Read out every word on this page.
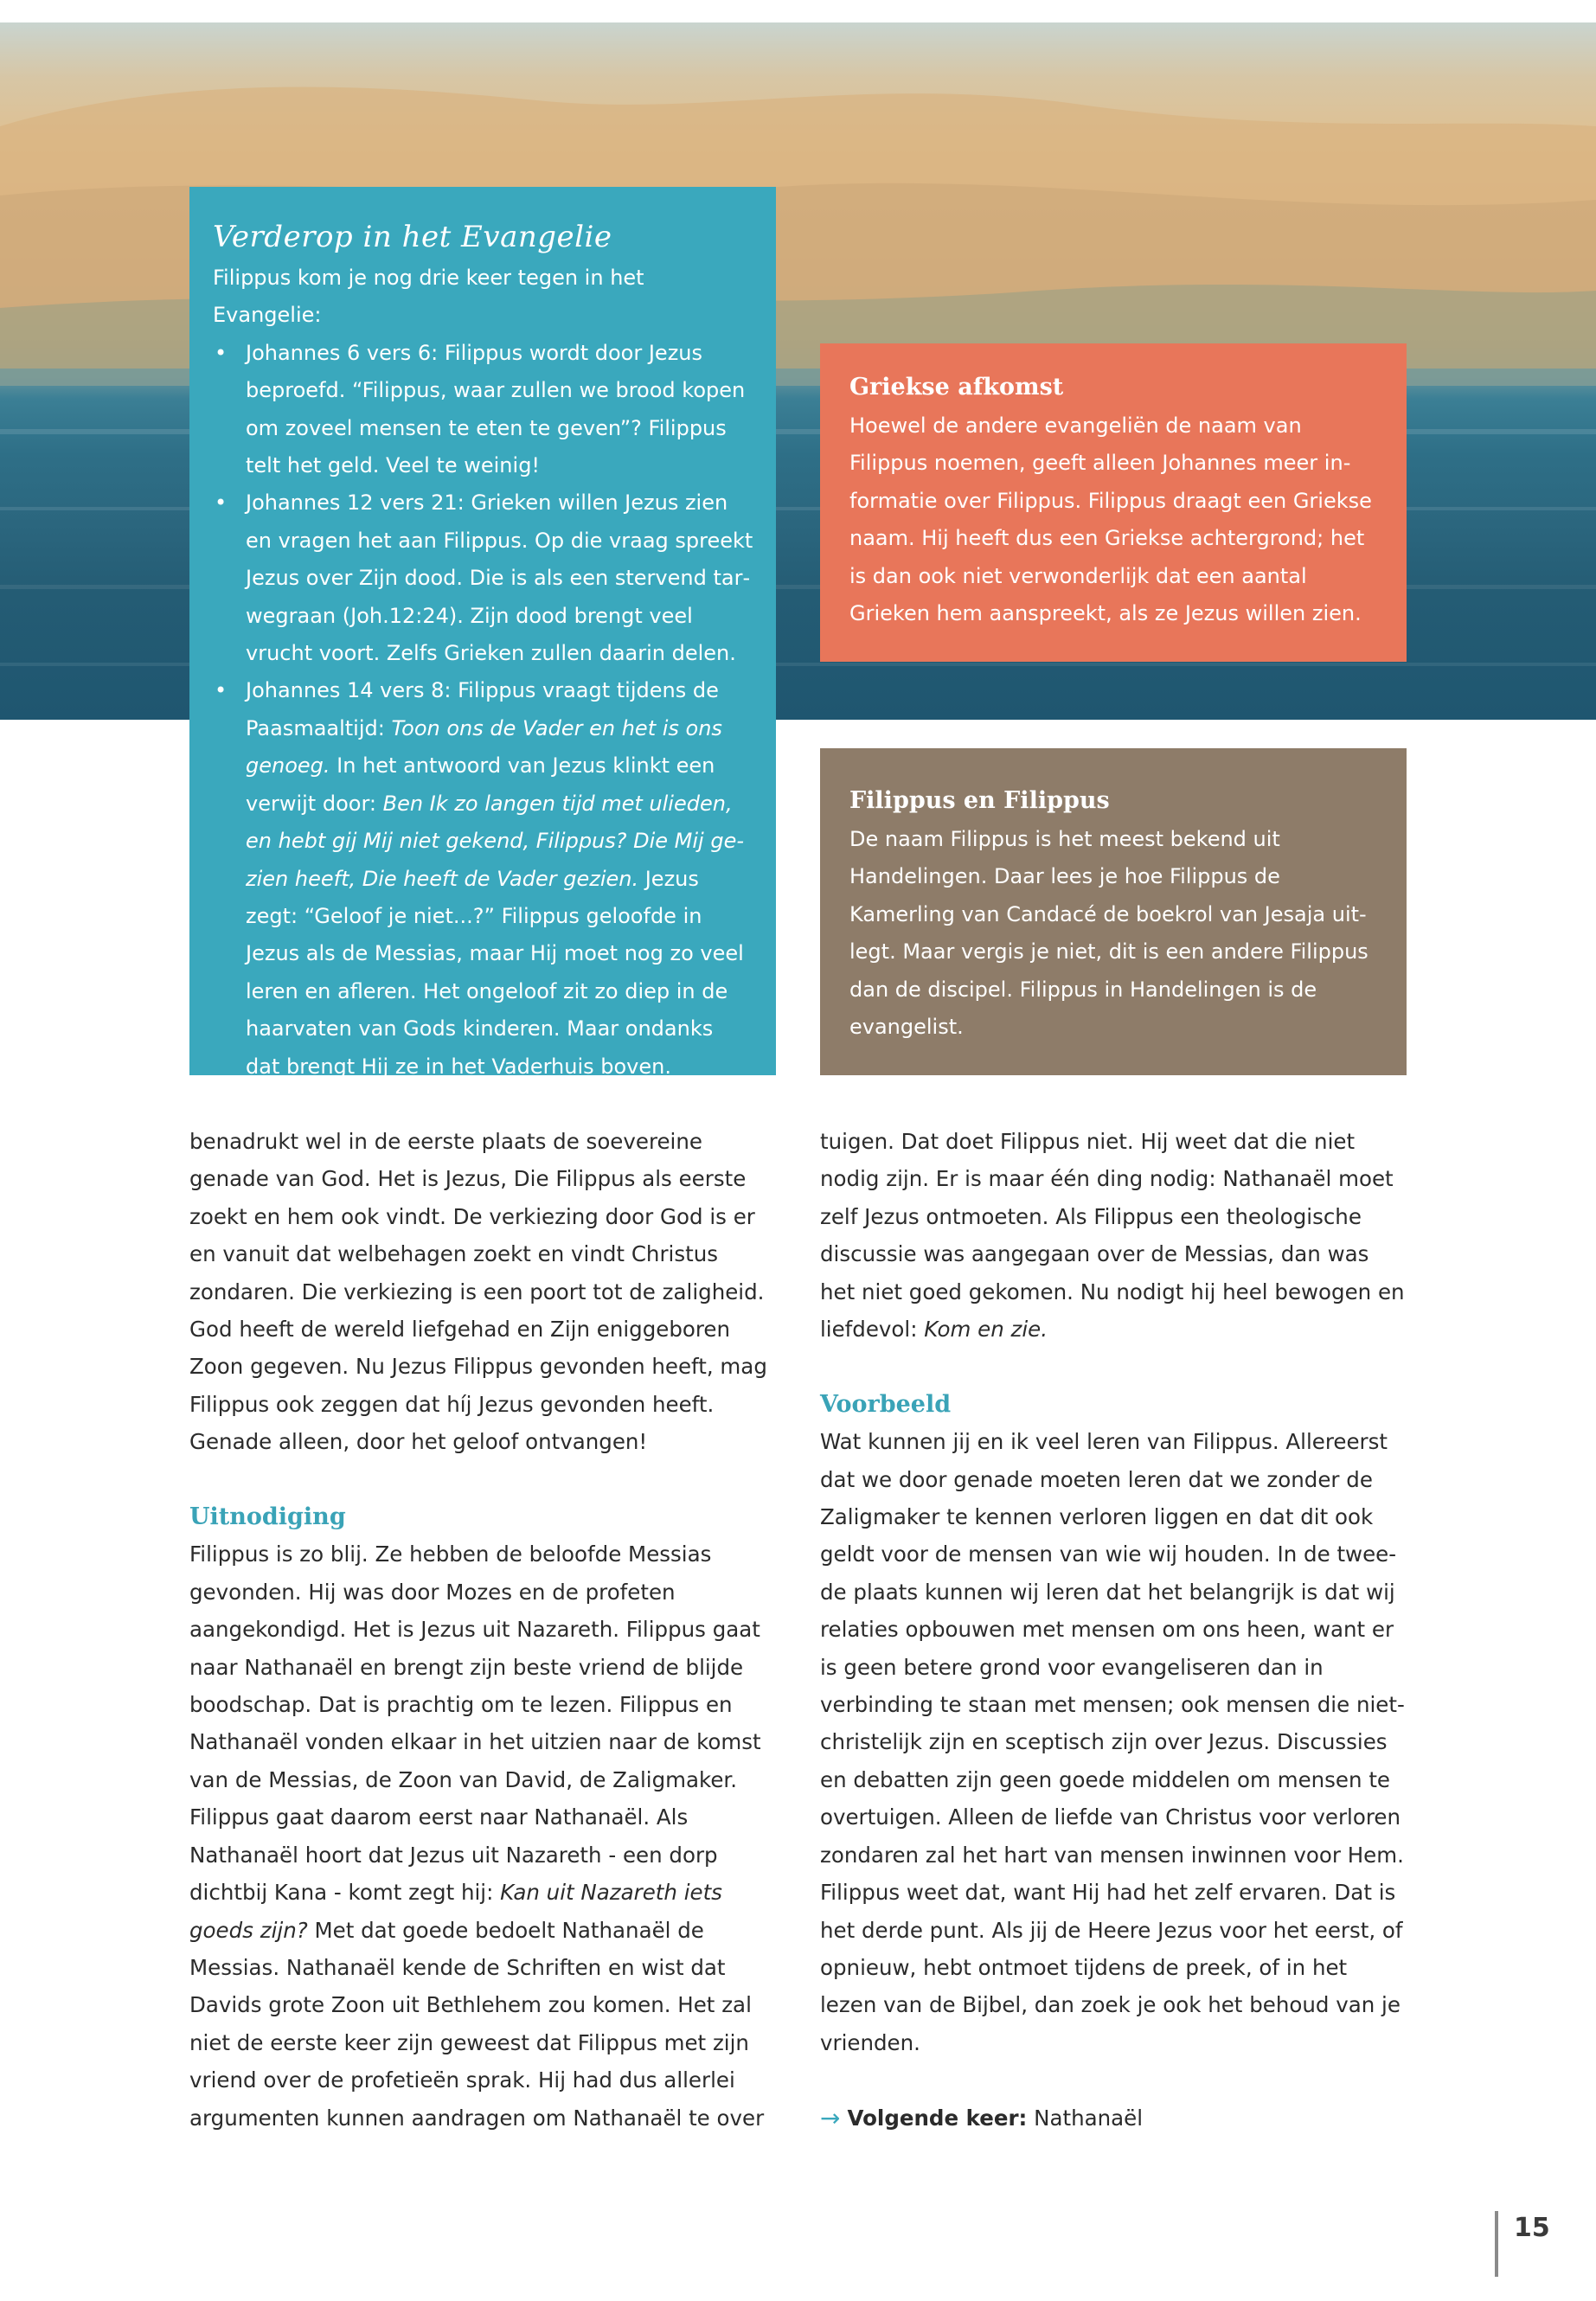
Verderop in het Evangelie

Filippus kom je nog drie keer tegen in het Evangelie:

• Johannes 6 vers 6: Filippus wordt door Jezus beproefd. “Filippus, waar zullen we brood kopen om zoveel mensen te eten te geven”? Filippus telt het geld. Veel te weinig!
• Johannes 12 vers 21: Grieken willen Jezus zien en vragen het aan Filippus. Op die vraag spreekt Jezus over Zijn dood. Die is als een stervend tarwegraan (Joh.12:24). Zijn dood brengt veel vrucht voort. Zelfs Grieken zullen daarin delen.
• Johannes 14 vers 8: Filippus vraagt tijdens de Paasmaaltijd: Toon ons de Vader en het is ons genoeg. In het antwoord van Jezus klinkt een verwijt door: Ben Ik zo langen tijd met ulieden, en hebt gij Mij niet gekend, Filippus? Die Mij gezien heeft, Die heeft de Vader gezien. Jezus zegt: “Geloof je niet...?” Filippus geloofde in Jezus als de Messias, maar Hij moet nog zo veel leren en afleren. Het ongeloof zit zo diep in de haarvaten van Gods kinderen. Maar ondanks dat brengt Hij ze in het Vaderhuis boven.
Griekse afkomst

Hoewel de andere evangeliën de naam van Filippus noemen, geeft alleen Johannes meer informatie over Filippus. Filippus draagt een Griekse naam. Hij heeft dus een Griekse achtergrond; het is dan ook niet verwonderlijk dat een aantal Grieken hem aanspreekt, als ze Jezus willen zien.

Filippus en Filippus

De naam Filippus is het meest bekend uit Handelingen. Daar lees je hoe Filippus de Kamerling van Candacé de boekrol van Jesaja uitlegt. Maar vergis je niet, dit is een andere Filippus dan de discipel. Filippus in Handelingen is de evangelist.

benadrukt wel in de eerste plaats de soevereine genade van God. Het is Jezus, Die Filippus als eerste zoekt en hem ook vindt. De verkiezing door God is er en vanuit dat welbehagen zoekt en vindt Christus zondaren. Die verkiezing is een poort tot de zaligheid. God heeft de wereld liefgehad en Zijn eniggeboren Zoon gegeven. Nu Jezus Filippus gevonden heeft, mag Filippus ook zeggen dat híj Jezus gevonden heeft. Genade alleen, door het geloof ontvangen!

Uitnodiging

Filippus is zo blij. Ze hebben de beloofde Messias gevonden. Hij was door Mozes en de profeten aangekondigd. Het is Jezus uit Nazareth. Filippus gaat naar Nathanaël en brengt zijn beste vriend de blijde boodschap. Dat is prachtig om te lezen. Filippus en Nathanaël vonden elkaar in het uitzien naar de komst van de Messias, de Zoon van David, de Zaligmaker. Filippus gaat daarom eerst naar Nathanaël. Als Nathanaël hoort dat Jezus uit Nazareth - een dorp dichtbij Kana - komt zegt hij: Kan uit Nazareth iets goeds zijn? Met dat goede bedoelt Nathanaël de Messias. Nathanaël kende de Schriften en wist dat Davids grote Zoon uit Bethlehem zou komen. Het zal niet de eerste keer zijn geweest dat Filippus met zijn vriend over de profetieën sprak. Hij had dus allerlei argumenten kunnen aandragen om Nathanaël te over

tuigen. Dat doet Filippus niet. Hij weet dat die niet nodig zijn. Er is maar één ding nodig: Nathanaël moet zelf Jezus ontmoeten. Als Filippus een theologische discussie was aangegaan over de Messias, dan was het niet goed gekomen. Nu nodigt hij heel bewogen en liefdevol: Kom en zie.

Voorbeeld

Wat kunnen jij en ik veel leren van Filippus. Allereerst dat we door genade moeten leren dat we zonder de Zaligmaker te kennen verloren liggen en dat dit ook geldt voor de mensen van wie wij houden. In de tweede plaats kunnen wij leren dat het belangrijk is dat wij relaties opbouwen met mensen om ons heen, want er is geen betere grond voor evangeliseren dan in verbinding te staan met mensen; ook mensen die niet-christelijk zijn en sceptisch zijn over Jezus. Discussies en debatten zijn geen goede middelen om mensen te overtuigen. Alleen de liefde van Christus voor verloren zondaren zal het hart van mensen inwinnen voor Hem. Filippus weet dat, want Hij had het zelf ervaren. Dat is het derde punt. Als jij de Heere Jezus voor het eerst, of opnieuw, hebt ontmoet tijdens de preek, of in het lezen van de Bijbel, dan zoek je ook het behoud van je vrienden.

→ Volgende keer: Nathanaël
15
